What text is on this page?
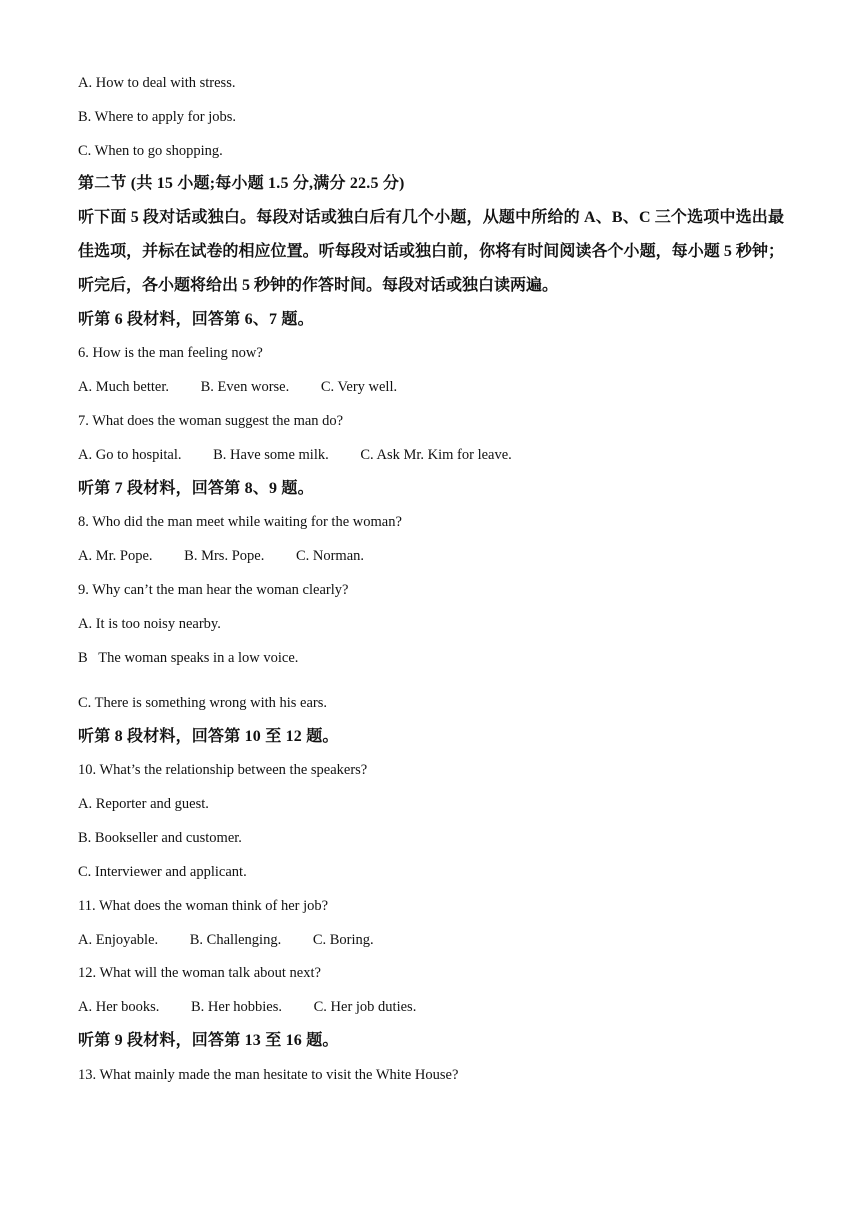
A. How to deal with stress.
B. Where to apply for jobs.
C. When to go shopping.
第二节 (共 15 小题;每小题 1.5 分,满分 22.5 分)
听下面 5 段对话或独白。每段对话或独白后有几个小题，从题中所给的 A、B、C 三个选项中选出最佳选项，并标在试卷的相应位置。听每段对话或独白前，你将有时间阅读各个小题，每小题 5 秒钟；听完后，各小题将给出 5 秒钟的作答时间。每段对话或独白读两遍。
听第 6 段材料，回答第 6、7 题。
6. How is the man feeling now?
A. Much better. B. Even worse. C. Very well.
7. What does the woman suggest the man do?
A. Go to hospital. B. Have some milk. C. Ask Mr. Kim for leave.
听第 7 段材料，回答第 8、9 题。
8. Who did the man meet while waiting for the woman?
A. Mr. Pope. B. Mrs. Pope. C. Norman.
9. Why can’t the man hear the woman clearly?
A. It is too noisy nearby.
B   The woman speaks in a low voice.
C. There is something wrong with his ears.
听第 8 段材料，回答第 10 至 12 题。
10. What’s the relationship between the speakers?
A. Reporter and guest.
B. Bookseller and customer.
C. Interviewer and applicant.
11. What does the woman think of her job?
A. Enjoyable. B. Challenging. C. Boring.
12. What will the woman talk about next?
A. Her books. B. Her hobbies. C. Her job duties.
听第 9 段材料，回答第 13 至 16 题。
13. What mainly made the man hesitate to visit the White House?
